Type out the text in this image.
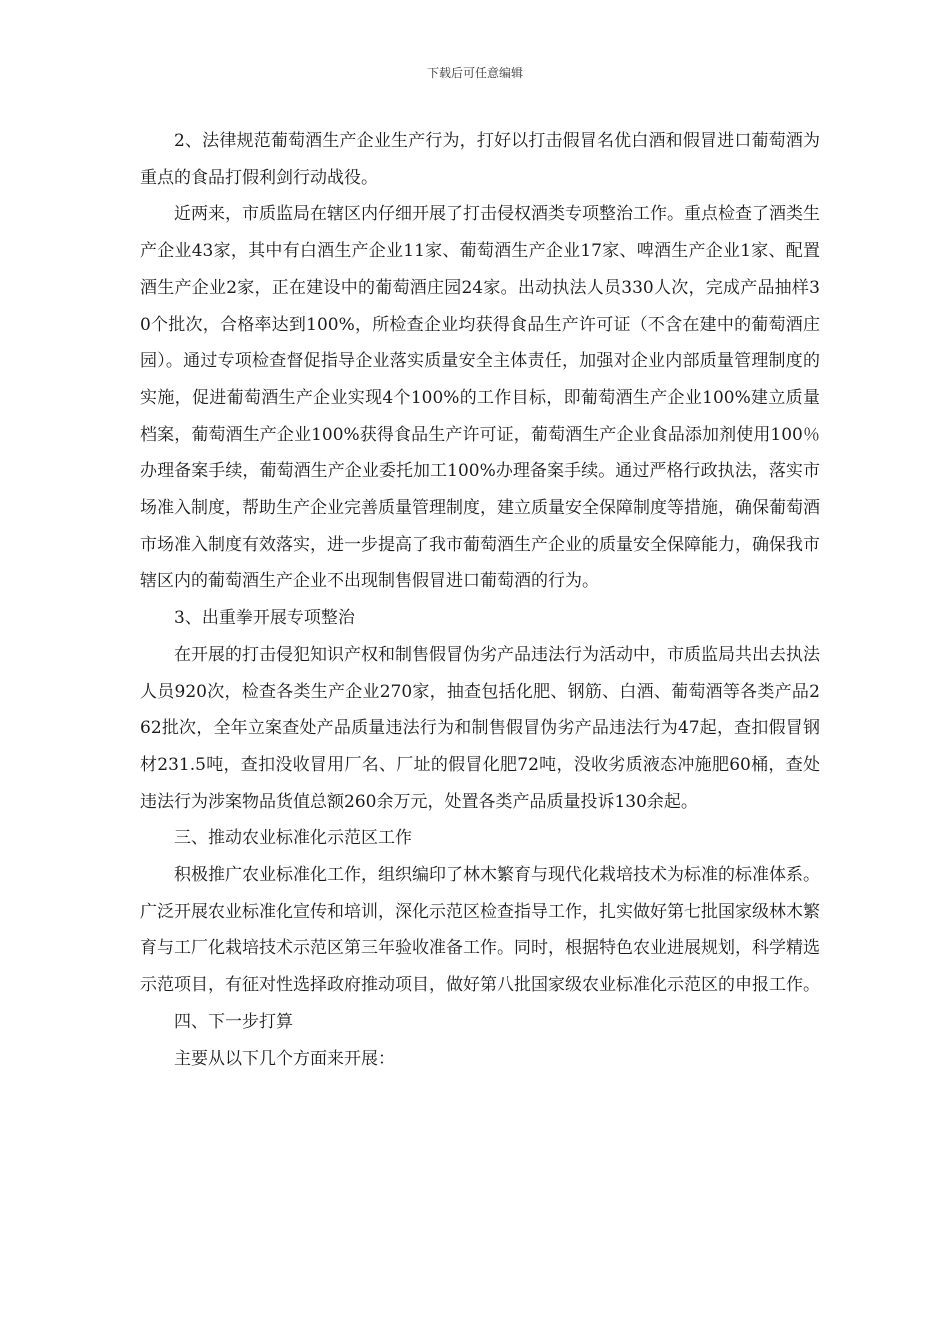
下载后可任意编辑

2、法律规范葡萄酒生产企业生产行为，打好以打击假冒名优白酒和假冒进口葡萄酒为重点的食品打假利剑行动战役。

近两来，市质监局在辖区内仔细开展了打击侵权酒类专项整治工作。重点检查了酒类生产企业43家，其中有白酒生产企业11家、葡萄酒生产企业17家、啤酒生产企业1家、配置酒生产企业2家，正在建设中的葡萄酒庄园24家。出动执法人员330人次，完成产品抽样30个批次，合格率达到100%，所检查企业均获得食品生产许可证（不含在建中的葡萄酒庄园）。通过专项检查督促指导企业落实质量安全主体责任，加强对企业内部质量管理制度的实施，促进葡萄酒生产企业实现4个100%的工作目标，即葡萄酒生产企业100%建立质量档案，葡萄酒生产企业100%获得食品生产许可证，葡萄酒生产企业食品添加剂使用100％办理备案手续，葡萄酒生产企业委托加工100%办理备案手续。通过严格行政执法，落实市场准入制度，帮助生产企业完善质量管理制度，建立质量安全保障制度等措施，确保葡萄酒市场准入制度有效落实，进一步提高了我市葡萄酒生产企业的质量安全保障能力，确保我市辖区内的葡萄酒生产企业不出现制售假冒进口葡萄酒的行为。

3、出重拳开展专项整治

在开展的打击侵犯知识产权和制售假冒伪劣产品违法行为活动中，市质监局共出去执法人员920次，检查各类生产企业270家，抽查包括化肥、钢筋、白酒、葡萄酒等各类产品262批次，全年立案查处产品质量违法行为和制售假冒伪劣产品违法行为47起，查扣假冒钢材231.5吨，查扣没收冒用厂名、厂址的假冒化肥72吨，没收劣质液态冲施肥60桶，查处违法行为涉案物品货值总额260余万元，处置各类产品质量投诉130余起。

三、推动农业标准化示范区工作

积极推广农业标准化工作，组织编印了林木繁育与现代化栽培技术为标准的标准体系。广泛开展农业标准化宣传和培训，深化示范区检查指导工作，扎实做好第七批国家级林木繁育与工厂化栽培技术示范区第三年验收准备工作。同时，根据特色农业进展规划，科学精选示范项目，有征对性选择政府推动项目，做好第八批国家级农业标准化示范区的申报工作。

四、下一步打算

主要从以下几个方面来开展：
